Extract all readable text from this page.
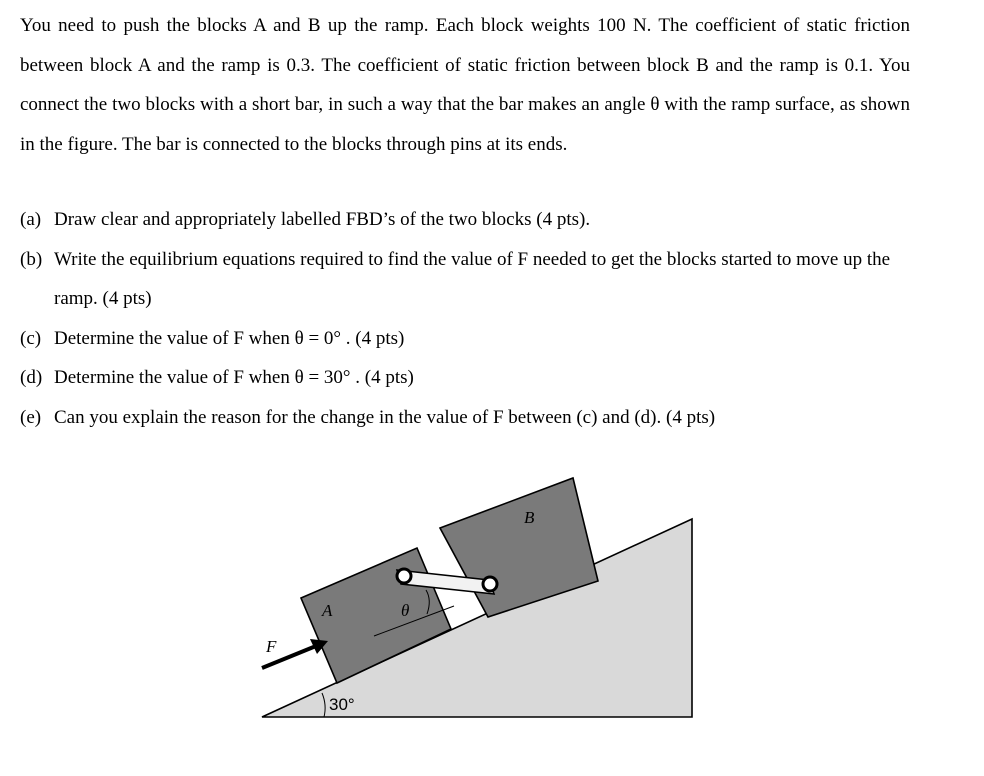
You need to push the blocks A and B up the ramp. Each block weights 100 N. The coefficient of static friction between block A and the ramp is 0.3. The coefficient of static friction between block B and the ramp is 0.1. You connect the two blocks with a short bar, in such a way that the bar makes an angle θ with the ramp surface, as shown in the figure. The bar is connected to the blocks through pins at its ends.

(a) Draw clear and appropriately labelled FBD’s of the two blocks (4 pts).
(b) Write the equilibrium equations required to find the value of F needed to get the blocks started to move up the ramp. (4 pts)
(c) Determine the value of F when θ = 0° . (4 pts)
(d) Determine the value of F when θ = 30° . (4 pts)
(e) Can you explain the reason for the change in the value of F between (c) and (d). (4 pts)
B
A
F
θ
30°
